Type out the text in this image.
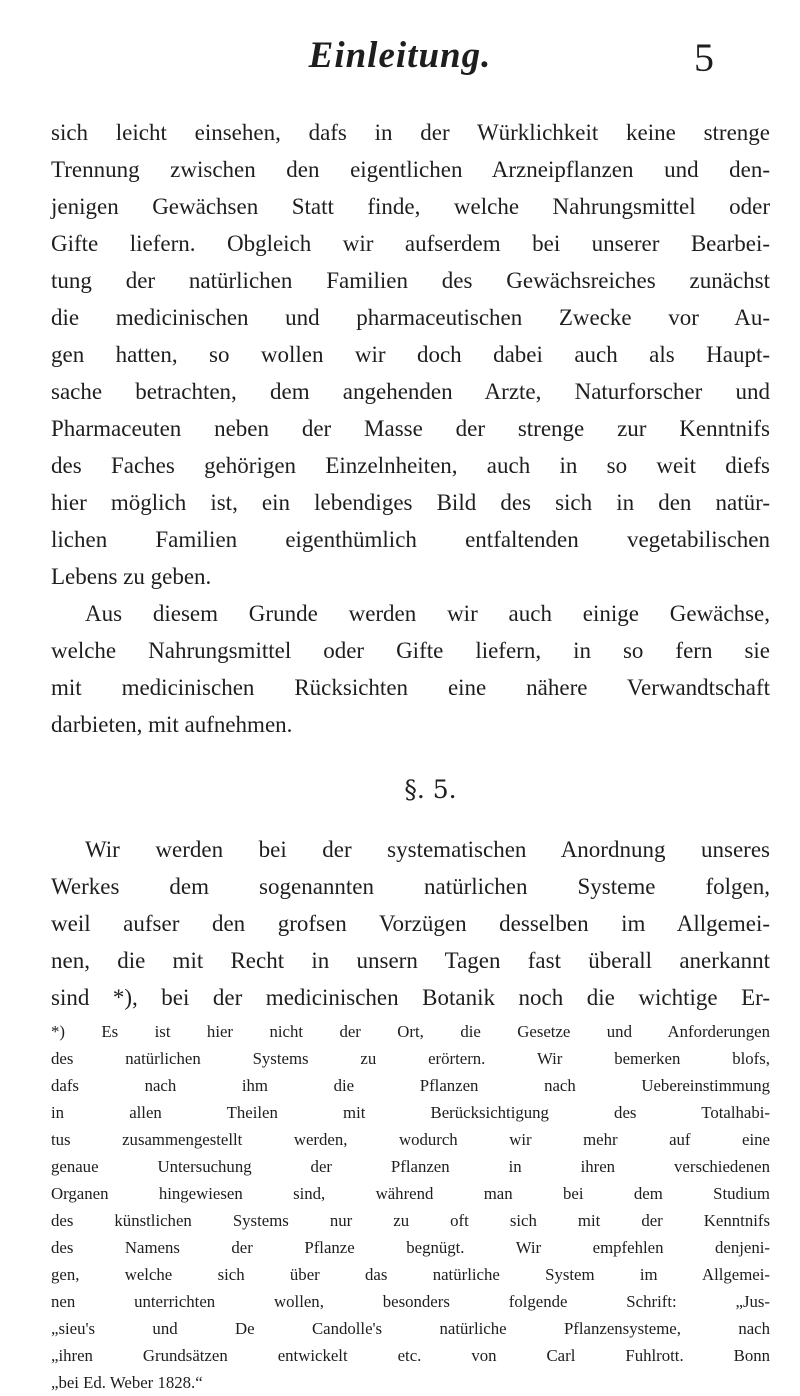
Einleitung.	5
sich leicht einsehen, dafs in der Würklichkeit keine strenge
Trennung zwischen den eigentlichen Arzneipflanzen und den-
jenigen Gewächsen Statt finde, welche Nahrungsmittel oder
Gifte liefern. Obgleich wir aufserdem bei unserer Bearbei-
tung der natürlichen Familien des Gewächsreiches zunächst
die medicinischen und pharmaceutischen Zwecke vor Au-
gen hatten, so wollen wir doch dabei auch als Haupt-
sache betrachten, dem angehenden Arzte, Naturforscher und
Pharmaceuten neben der Masse der strenge zur Kenntnifs
des Faches gehörigen Einzelnheiten, auch in so weit diefs
hier möglich ist, ein lebendiges Bild des sich in den natür-
lichen Familien eigenthümlich entfaltenden vegetabilischen
Lebens zu geben.
Aus diesem Grunde werden wir auch einige Gewächse,
welche Nahrungsmittel oder Gifte liefern, in so fern sie
mit medicinischen Rücksichten eine nähere Verwandtschaft
darbieten, mit aufnehmen.
§. 5.
Wir werden bei der systematischen Anordnung unseres
Werkes dem sogenannten natürlichen Systeme folgen,
weil aufser den grofsen Vorzügen desselben im Allgemei-
nen, die mit Recht in unsern Tagen fast überall anerkannt
sind *), bei der medicinischen Botanik noch die wichtige Er-
*) Es ist hier nicht der Ort, die Gesetze und Anforderungen
des natürlichen Systems zu erörtern. Wir bemerken blofs,
dafs nach ihm die Pflanzen nach Uebereinstimmung
in allen Theilen mit Berücksichtigung des Totalhabi-
tus zusammengestellt werden, wodurch wir mehr auf eine
genaue Untersuchung der Pflanzen in ihren verschiedenen
Organen hingewiesen sind, während man bei dem Studium
des künstlichen Systems nur zu oft sich mit der Kenntnifs
des Namens der Pflanze begnügt. Wir empfehlen denjeni-
gen, welche sich über das natürliche System im Allgemei-
nen unterrichten wollen, besonders folgende Schrift: „Jus-
„sieu's und De Candolle's natürliche Pflanzensysteme, nach
„ihren Grundsätzen entwickelt etc. von Carl Fuhlrott. Bonn
„bei Ed. Weber 1828.“
